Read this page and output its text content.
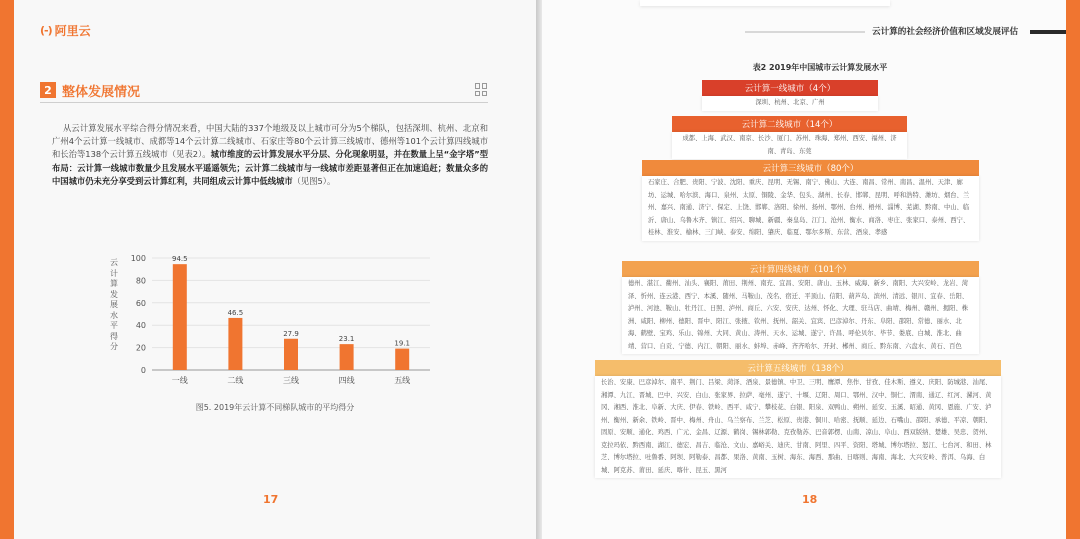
(-) 阿里云
2 整体发展情况

从云计算发展水平综合得分情况来看，中国大陆的337个地级及以上城市可分为5个梯队，包括深圳、杭州、北京和广州4个云计算一线城市、成都等14个云计算二线城市、石家庄等80个云计算三线城市、德州等101个云计算四线城市和长治等138个云计算五线城市（见表2）。城市维度的云计算发展水平分层、分化现象明显，并在数量上呈“金字塔”型布局：云计算一线城市数量少且发展水平遥遥领先；云计算二线城市与一线城市差距显著但正在加速追赶；数量众多的中国城市仍未充分享受到云计算红利，共同组成云计算中低线城市（见图5）。

云计算发展水平得分
0
20
40
60
80
100	94.5
一线
46.5
二线
27.9
三线
23.1
四线
19.1
五线
图5. 2019年云计算不同梯队城市的平均得分
17
云计算的社会经济价值和区域发展评估
表2 2019年中国城市云计算发展水平
云计算一线城市（4个）
深圳、杭州、北京、广州
云计算二线城市（14个）
成都、上海、武汉、南京、长沙、厦门、苏州、珠海、郑州、西安、福州、济南、青岛、东莞
云计算三线城市（80个）
石家庄、合肥、贵阳、宁波、沈阳、重庆、昆明、无锡、南宁、佛山、大连、南昌、常州、南昌、温州、天津、廊坊、运城、哈尔滨、海口、泉州、太原、铜陵、金华、包头、湖州、长春、邯郸、昆明、呼和浩特、潍坊、烟台、兰州、嘉兴、南通、济宁、保定、上饶、邯郸、洛阳、徐州、扬州、鄂州、台州、梧州、淄博、芜湖、黔南、中山、临沂、唐山、乌鲁木齐、镇江、绍兴、聊城、新疆、秦皇岛、江门、沧州、衡水、商洛、枣庄、张家口、泰州、西宁、桂林、淮安、榆林、三门峡、泰安、绵阳、肇庆、临夏、鄂尔多斯、东营、酒泉、孝感
云计算四线城市（101个）
德州、湛江、衢州、汕头、襄阳、莆田、荆州、南充、宜昌、安阳、唐山、玉林、威海、新乡、南阳、大兴安岭、龙岩、菏泽、忻州、连云港、西宁、本溪、随州、马鞍山、茂名、宿迁、平顶山、信阳、葫芦岛、滨州、清远、银川、宜春、岳阳、泸州、河池、鞍山、牡丹江、日照、泸州、商丘、六安、安庆、达州、怀化、大理、驻马店、曲靖、梅州、赣州、揭阳、株洲、咸阳、柳州、德阳、晋中、阳江、张掖、钦州、抚州、韶关、宜宾、巴彦淖尔、丹东、阜阳、邵阳、常德、丽水、北海、鹤壁、宝鸡、乐山、锦州、大同、黄山、涛州、天水、运城、遂宁、许昌、呼伦贝尔、毕节、娄底、白城、淮北、曲靖、营口、自贡、宁德、内江、朝阳、丽水、蚌埠、赤峰、齐齐哈尔、开封、郴州、商丘、黔东南、六盘水、黄石、百色
云计算五线城市（138个）
长治、安康、巴彦淖尔、南平、荆门、吕梁、菏泽、酒泉、景德镇、中卫、三明、鹰潭、焦作、甘孜、佳木斯、遵义、庆阳、防城港、汕尾、湘潭、九江、晋城、巴中、兴安、白山、张家界、拉萨、亳州、遂宁、十堰、辽阳、周口、鄂州、汉中、铜仁、渭南、通辽、红河、漯河、黄冈、湘西、淮北、阜新、大庆、伊春、铁岭、西平、咸宁、攀枝花、白银、阳泉、双鸭山、朔州、延安、玉溪、昭通、黄冈、恩施、广安、泸州、衡州、新余、铁岭、晋中、梅州、舟山、乌兰察布、兰芝、松原、贵港、铜川、哈密、抚顺、延边、石嘴山、邵阳、承德、平凉、朝阳、固原、安顺、通化、鸡西、广元、金昌、辽源、鹤岗、锡林郭勒、克孜勒苏、巴音郭楞、山南、凉山、阜山、西双版纳、楚雄、吴忠、贺州、克拉玛依、黔西南、湖江、德宏、昌吉、临沧、文山、嘉峪关、迪庆、甘南、阿里、四平、资阳、塔城、博尔塔拉、怒江、七台河、和田、林芝、博尔塔拉、吐鲁番、阿坝、阿勒泰、昌都、果洛、黄南、玉树、海东、海西、那曲、日喀则、海南、海北、大兴安岭、普洱、乌海、白城、阿克苏、莆田、延庆、喀什、昆玉、黑河
18
